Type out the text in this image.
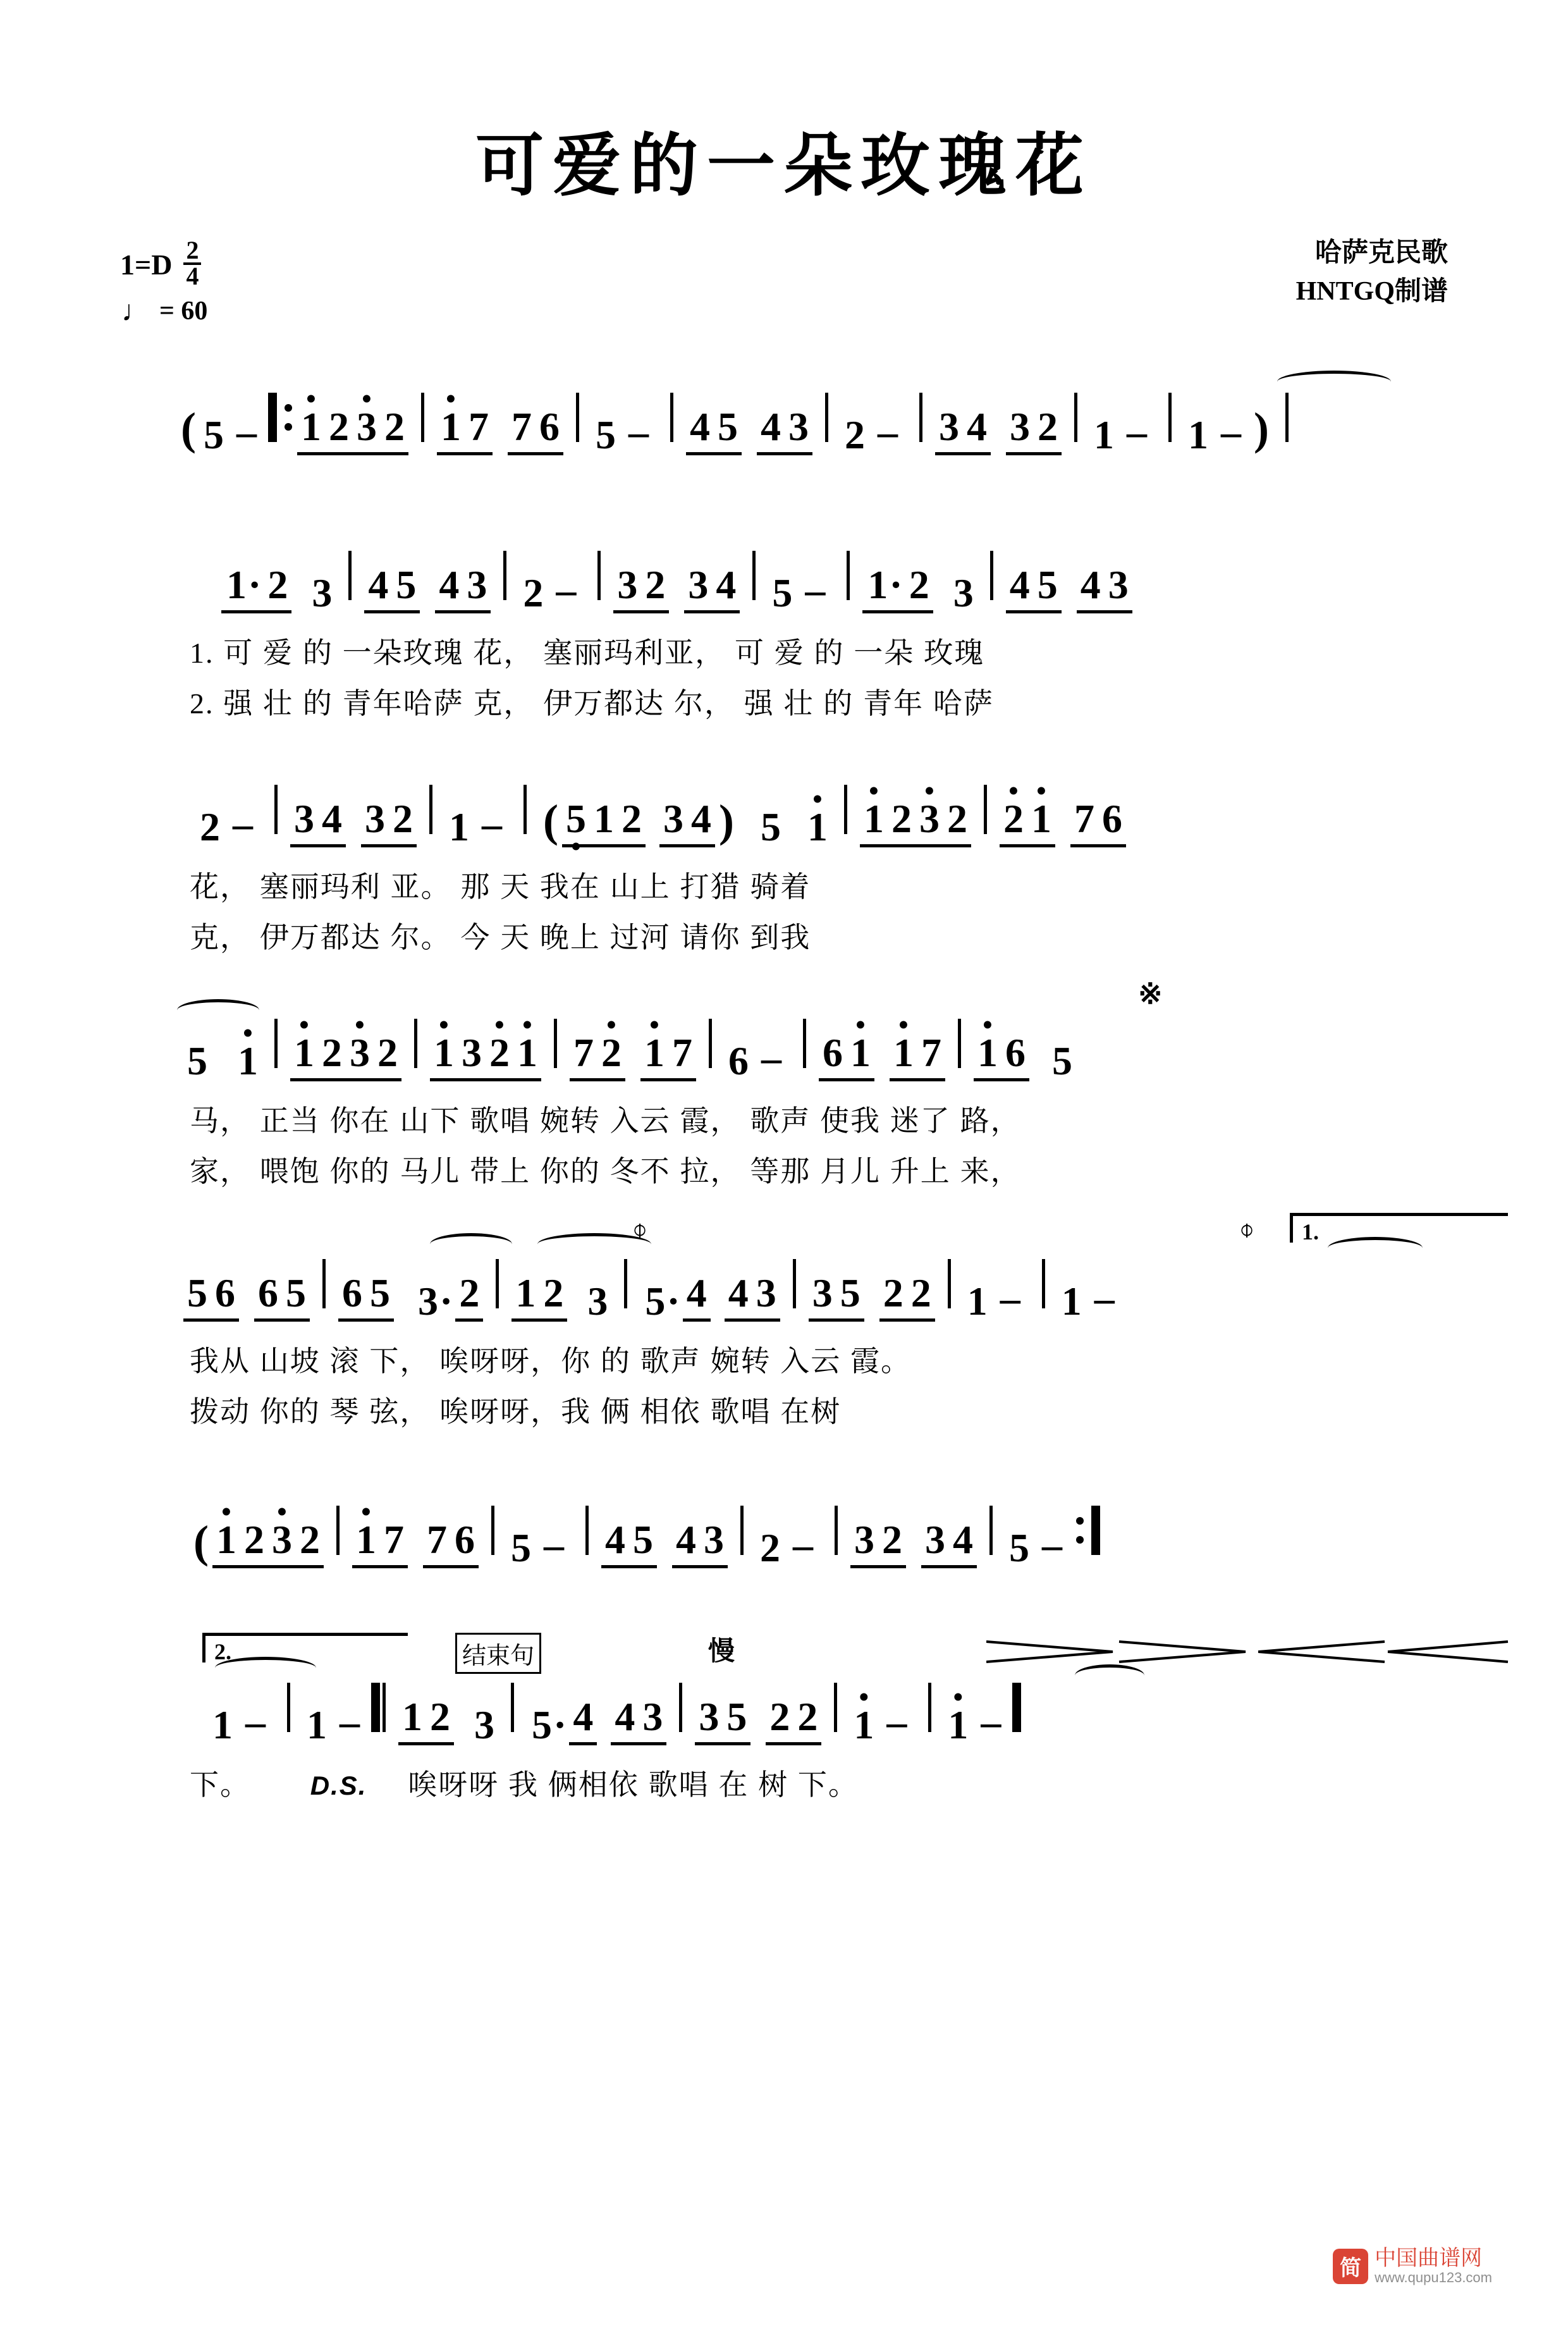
可爱的一朵玫瑰花
$1=D \frac{2}{4}$
♩ = 60
哈萨克民歌
HNTGQ制谱
( 5 – • 1 2 • 3 2 • 1 7 7 6 5 – 4 5 4 3 2 – 3 4 3 2 1 – 1 – )
1 · 2 3 4 5 4 3 2 – 3 2 3 4 5 – 1 · 2 3 4 5 4 3
1. 可 爱 的 一朵玫瑰 花， 塞丽玛利亚， 可 爱 的 一朵 玫瑰
2. 强 壮 的 青年哈萨 克， 伊万都达 尔， 强 壮 的 青年 哈萨
2 – 3 4 3 2 1 – ( 5 • 1 2 3 4 ) 5 • 1 • 1 2 • 3 2 • 2 • 1 7 6
花， 塞丽玛利 亚。 那 天 我在 山上 打猎 骑着
克， 伊万都达 尔。 今 天 晚上 过河 请你 到我
※
5 • 1 • 1 2 • 3 2 • 1 3 • 2 • 1 7 • 2 • 1 7 6 – 6 • 1 • 1 7 • 1 6 5
马， 正当 你在 山下 歌唱 婉转 入云 霞， 歌声 使我 迷了 路，
家， 喂饱 你的 马儿 带上 你的 冬不 拉， 等那 月儿 升上 来，
⌽	⌽ 1.
5 6 6 5 6 5 3 · 2 1 2 3 5 · 4 4 3 3 5 2 2 1 – 1 –
我从 山坡 滚 下， 唉呀呀，你 的 歌声 婉转 入云 霞。
拨动 你的 琴 弦， 唉呀呀，我 俩 相依 歌唱 在树
( • 1 2 • 3 2 • 1 7 7 6 5 – 4 5 4 3 2 – 3 2 3 4 5 –
2.	结束句	慢
1 – 1 – 1 2 3 5 · 4 4 3 3 5 2 2 • 1 – • 1 –
下。 D.S. 唉呀呀 我 俩相依 歌唱 在 树 下。
简 中国曲谱网
www.qupu123.com
